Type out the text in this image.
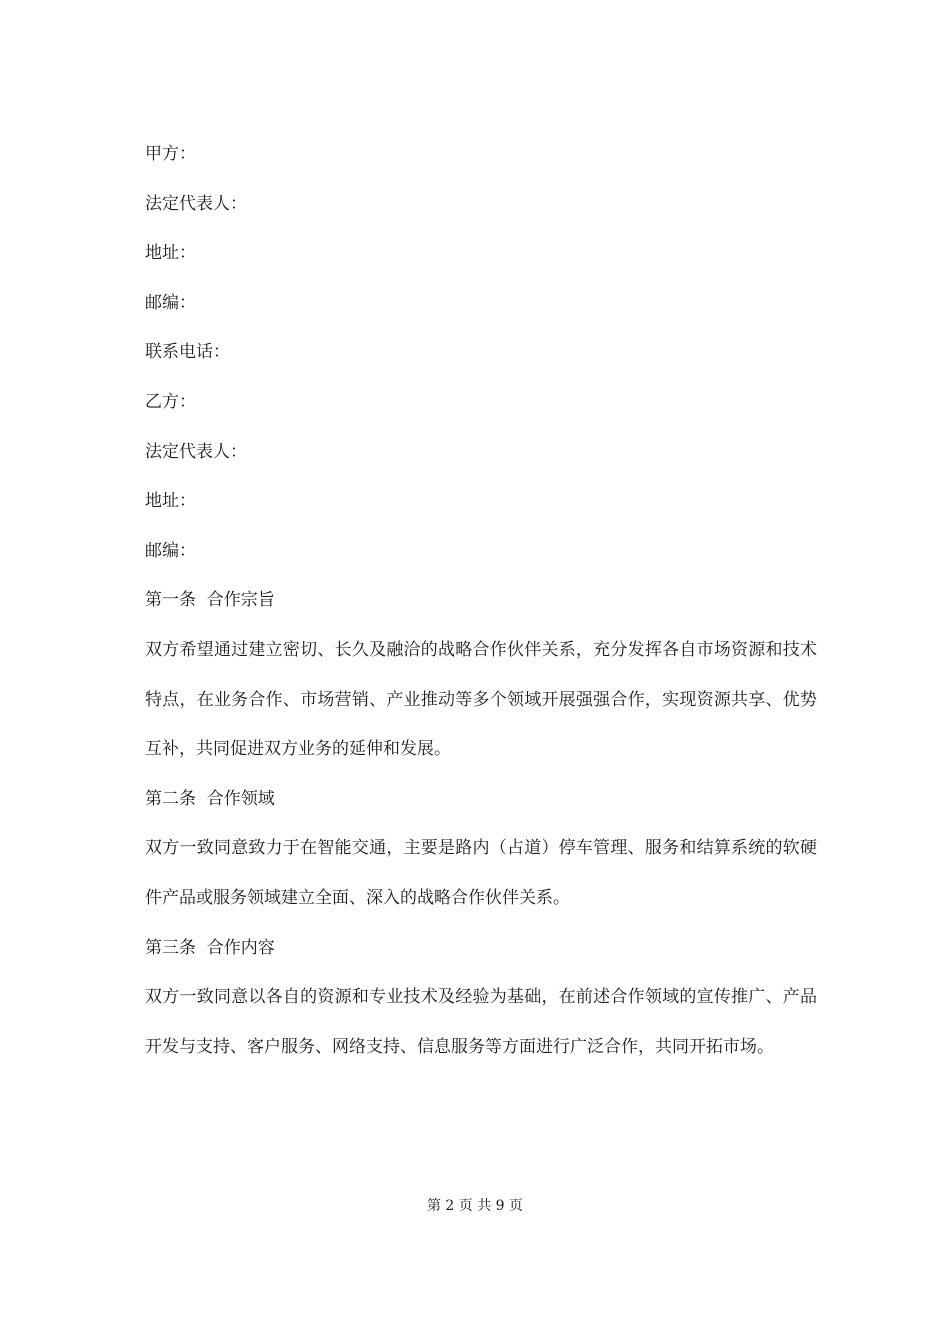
甲方：

法定代表人：

地址：

邮编：

联系电话：

乙方：

法定代表人：

地址：

邮编：

第一条  合作宗旨

双方希望通过建立密切、长久及融洽的战略合作伙伴关系，充分发挥各自市场资源和技术特点，在业务合作、市场营销、产业推动等多个领域开展强强合作，实现资源共享、优势互补，共同促进双方业务的延伸和发展。

第二条  合作领域

双方一致同意致力于在智能交通，主要是路内（占道）停车管理、服务和结算系统的软硬件产品或服务领域建立全面、深入的战略合作伙伴关系。

第三条  合作内容

双方一致同意以各自的资源和专业技术及经验为基础，在前述合作领域的宣传推广、产品开发与支持、客户服务、网络支持、信息服务等方面进行广泛合作，共同开拓市场。

第 2 页 共 9 页
